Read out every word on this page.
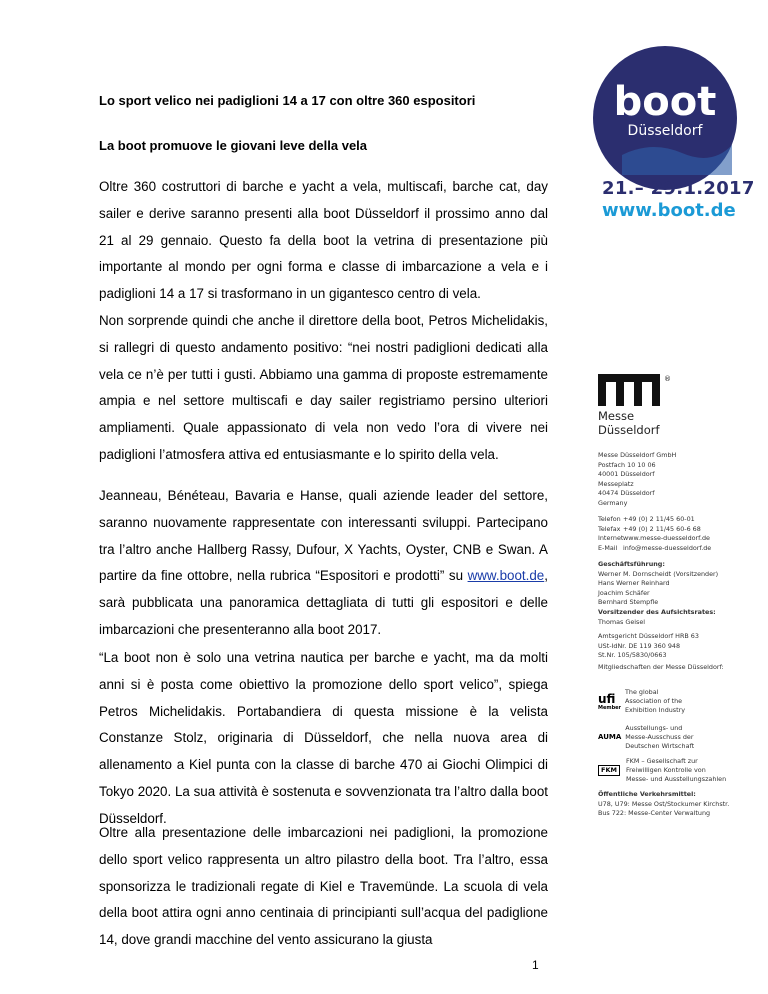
Lo sport velico nei padiglioni 14 a 17 con oltre 360 espositori
La boot promuove le giovani leve della vela

Oltre 360 costruttori di barche e yacht a vela, multiscafi, barche cat, day sailer e derive saranno presenti alla boot Düsseldorf il prossimo anno dal 21 al 29 gennaio. Questo fa della boot la vetrina di presentazione più importante al mondo per ogni forma e classe di imbarcazione a vela e i padiglioni 14 a 17 si trasformano in un gigantesco centro di vela.

Non sorprende quindi che anche il direttore della boot, Petros Michelidakis, si rallegri di questo andamento positivo: “nei nostri padiglioni dedicati alla vela ce n’è per tutti i gusti. Abbiamo una gamma di proposte estremamente ampia e nel settore multiscafi e day sailer registriamo persino ulteriori ampliamenti. Quale appassionato di vela non vedo l’ora di vivere nei padiglioni l’atmosfera attiva ed entusiasmante e lo spirito della vela.

Jeanneau, Bénéteau, Bavaria e Hanse, quali aziende leader del settore, saranno nuovamente rappresentate con interessanti sviluppi. Partecipano tra l’altro anche Hallberg Rassy, Dufour, X Yachts, Oyster, CNB e Swan. A partire da fine ottobre, nella rubrica “Espositori e prodotti” su www.boot.de, sarà pubblicata una panoramica dettagliata di tutti gli espositori e delle imbarcazioni che presenteranno alla boot 2017.

“La boot non è solo una vetrina nautica per barche e yacht, ma da molti anni si è posta come obiettivo la promozione dello sport velico”, spiega Petros Michelidakis. Portabandiera di questa missione è la velista Constanze Stolz, originaria di Düsseldorf, che nella nuova area di allenamento a Kiel punta con la classe di barche 470 ai Giochi Olimpici di Tokyo 2020. La sua attività è sostenuta e sovvenzionata tra l’altro dalla boot Düsseldorf.

Oltre alla presentazione delle imbarcazioni nei padiglioni, la promozione dello sport velico rappresenta un altro pilastro della boot. Tra l’altro, essa sponsorizza le tradizionali regate di Kiel e Travemünde. La scuola di vela della boot attira ogni anno centinaia di principianti sull’acqua del padiglione 14, dove grandi macchine del vento assicurano la giusta

1
boot
Düsseldorf
21.– 29.1.2017
www.boot.de
®
Messe
Düsseldorf
Messe Düsseldorf GmbH
Postfach 10 10 06
40001 Düsseldorf
Messeplatz
40474 Düsseldorf
Germany
Telefon +49 (0) 2 11/45 60-01
Telefax +49 (0) 2 11/45 60-6 68
Internet www.messe-duesseldorf.de
E-Mail info@messe-duesseldorf.de
Geschäftsführung:
Werner M. Dornscheidt (Vorsitzender)
Hans Werner Reinhard
Joachim Schäfer
Bernhard Stempfle
Vorsitzender des Aufsichtsrates:
Thomas Geisel
Amtsgericht Düsseldorf HRB 63
USt-IdNr. DE 119 360 948
St.Nr. 105/5830/0663
Mitgliedschaften der Messe Düsseldorf:
ufi
Member
The global
Association of the
Exhibition Industry
AUMA
Ausstellungs- und
Messe-Ausschuss der
Deutschen Wirtschaft
FKM
FKM – Gesellschaft zur
Freiwilligen Kontrolle von
Messe- und Ausstellungszahlen
Öffentliche Verkehrsmittel:
U78, U79: Messe Ost/Stockumer Kirchstr.
Bus 722: Messe-Center Verwaltung
